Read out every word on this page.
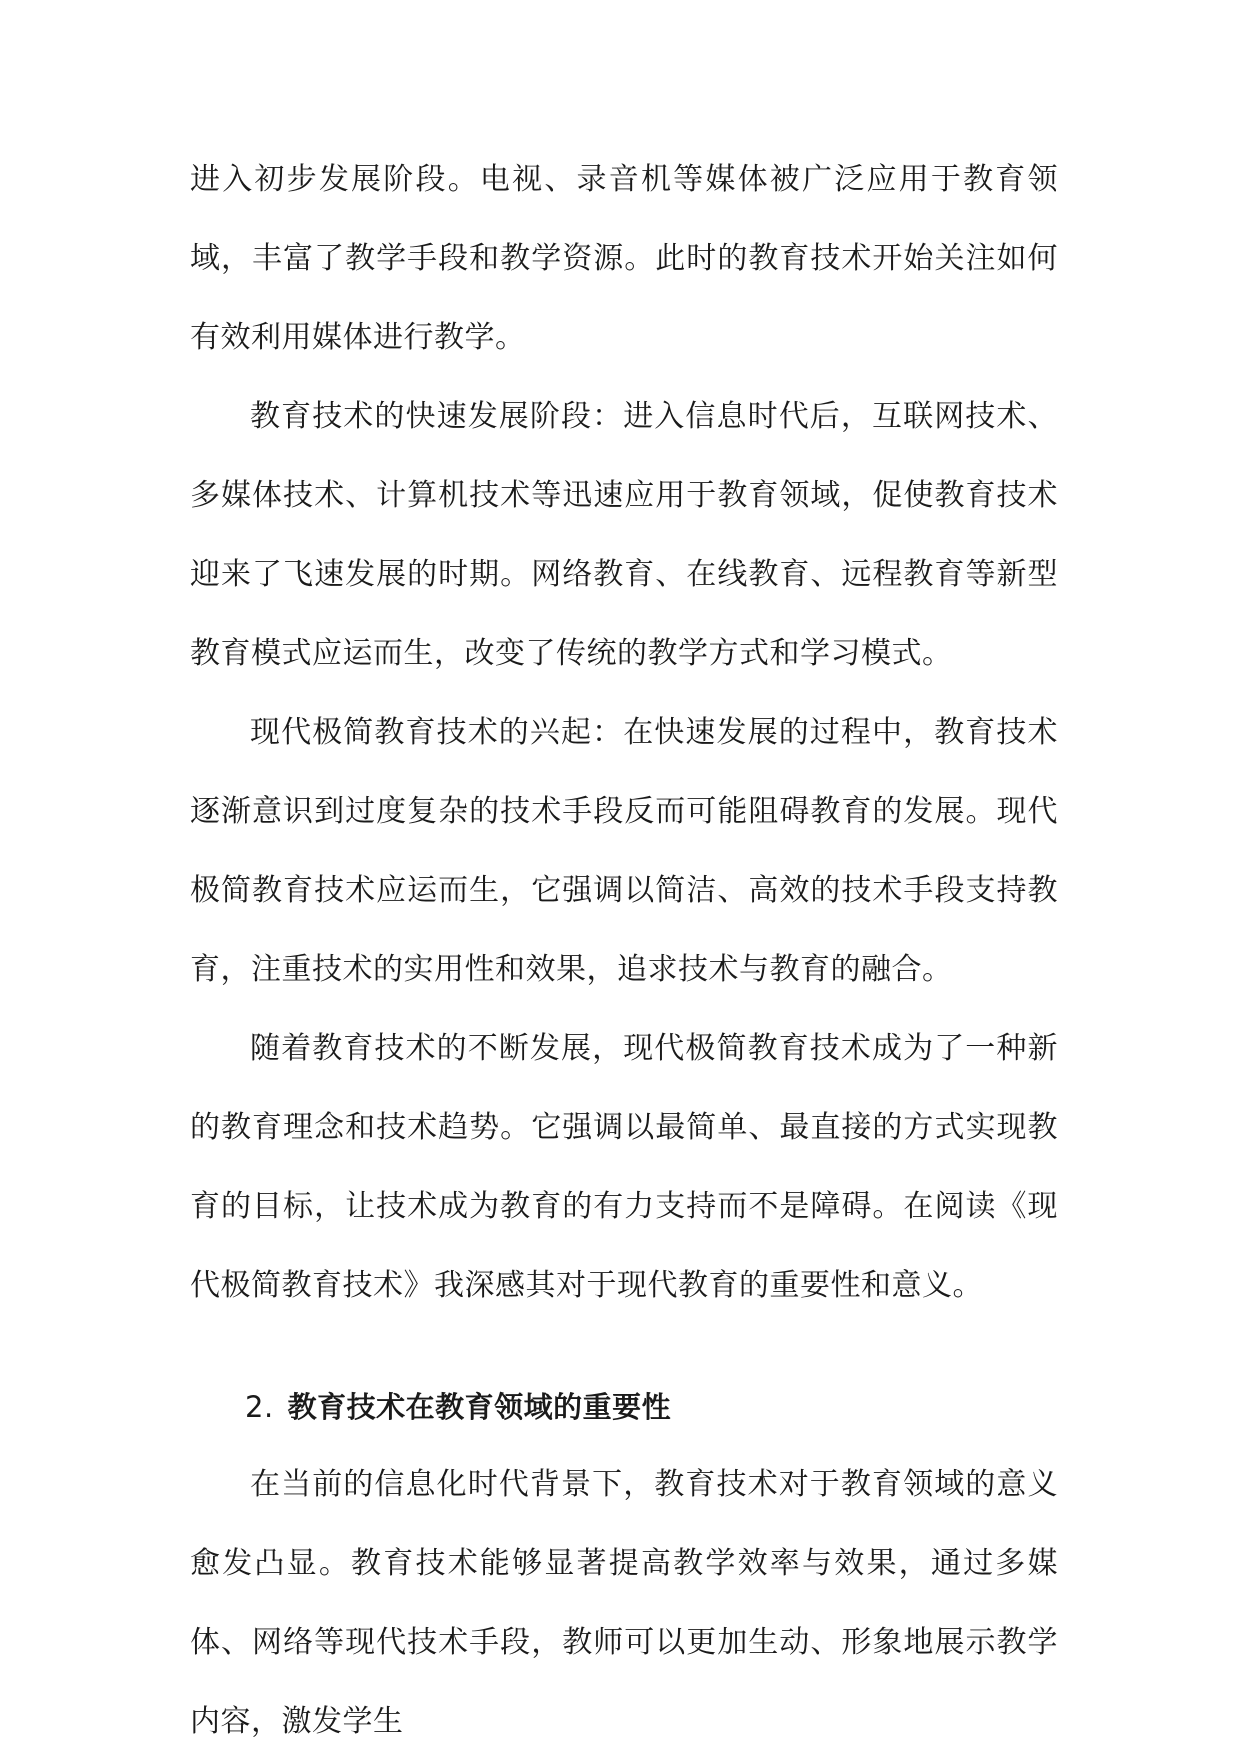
进入初步发展阶段。电视、录音机等媒体被广泛应用于教育领域，丰富了教学手段和教学资源。此时的教育技术开始关注如何有效利用媒体进行教学。

教育技术的快速发展阶段：进入信息时代后，互联网技术、多媒体技术、计算机技术等迅速应用于教育领域，促使教育技术迎来了飞速发展的时期。网络教育、在线教育、远程教育等新型教育模式应运而生，改变了传统的教学方式和学习模式。

现代极简教育技术的兴起：在快速发展的过程中，教育技术逐渐意识到过度复杂的技术手段反而可能阻碍教育的发展。现代极简教育技术应运而生，它强调以简洁、高效的技术手段支持教育，注重技术的实用性和效果，追求技术与教育的融合。

随着教育技术的不断发展，现代极简教育技术成为了一种新的教育理念和技术趋势。它强调以最简单、最直接的方式实现教育的目标，让技术成为教育的有力支持而不是障碍。在阅读《现代极简教育技术》我深感其对于现代教育的重要性和意义。

2. 教育技术在教育领域的重要性

在当前的信息化时代背景下，教育技术对于教育领域的意义愈发凸显。教育技术能够显著提高教学效率与效果，通过多媒体、网络等现代技术手段，教师可以更加生动、形象地展示教学内容，激发学生
